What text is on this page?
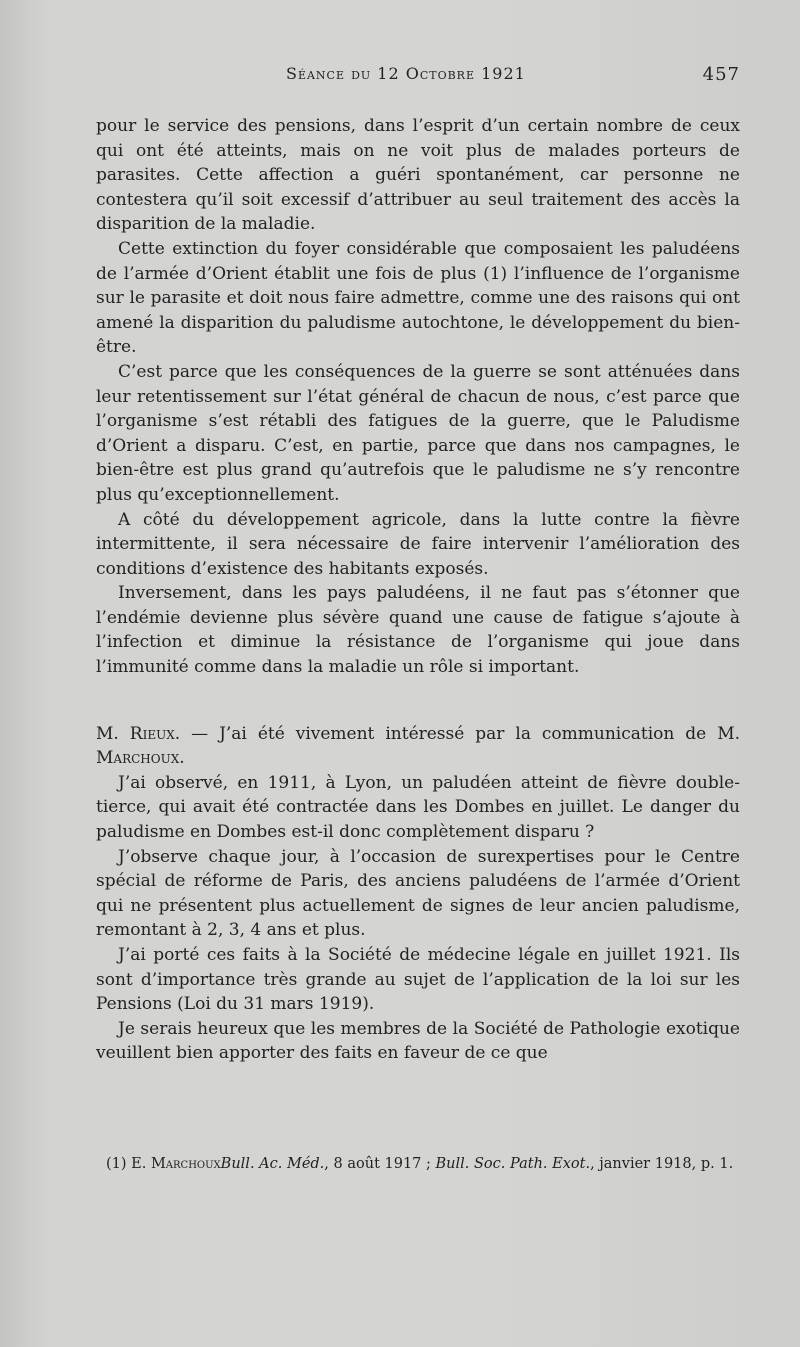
Séance du 12 Octobre 1921	457

pour le service des pensions, dans l’esprit d’un certain nombre de ceux qui ont été atteints, mais on ne voit plus de malades porteurs de parasites. Cette affection a guéri spontanément, car personne ne contestera qu’il soit excessif d’attribuer au seul traitement des accès la disparition de la maladie.

Cette extinction du foyer considérable que composaient les paludéens de l’armée d’Orient établit une fois de plus (1) l’influence de l’organisme sur le parasite et doit nous faire admettre, comme une des raisons qui ont amené la disparition du paludisme autochtone, le développement du bien-être.

C’est parce que les conséquences de la guerre se sont atténuées dans leur retentissement sur l’état général de chacun de nous, c’est parce que l’organisme s’est rétabli des fatigues de la guerre, que le Paludisme d’Orient a disparu. C’est, en partie, parce que dans nos campagnes, le bien-être est plus grand qu’autrefois que le paludisme ne s’y rencontre plus qu’exceptionnellement.

A côté du développement agricole, dans la lutte contre la fièvre intermittente, il sera nécessaire de faire intervenir l’amélioration des conditions d’existence des habitants exposés.

Inversement, dans les pays paludéens, il ne faut pas s’étonner que l’endémie devienne plus sévère quand une cause de fatigue s’ajoute à l’infection et diminue la résistance de l’organisme qui joue dans l’immunité comme dans la maladie un rôle si important.

M. Rieux. — J’ai été vivement intéressé par la communication de M. Marchoux.

J’ai observé, en 1911, à Lyon, un paludéen atteint de fièvre double-tierce, qui avait été contractée dans les Dombes en juillet. Le danger du paludisme en Dombes est-il donc complètement disparu ?

J’observe chaque jour, à l’occasion de surexpertises pour le Centre spécial de réforme de Paris, des anciens paludéens de l’armée d’Orient qui ne présentent plus actuellement de signes de leur ancien paludisme, remontant à 2, 3, 4 ans et plus.

J’ai porté ces faits à la Société de médecine légale en juillet 1921. Ils sont d’importance très grande au sujet de l’application de la loi sur les Pensions (Loi du 31 mars 1919).

Je serais heureux que les membres de la Société de Pathologie exotique veuillent bien apporter des faits en faveur de ce que

(1) E. MarchouxBull. Ac. Méd., 8 août 1917 ; Bull. Soc. Path. Exot., janvier 1918, p. 1.
